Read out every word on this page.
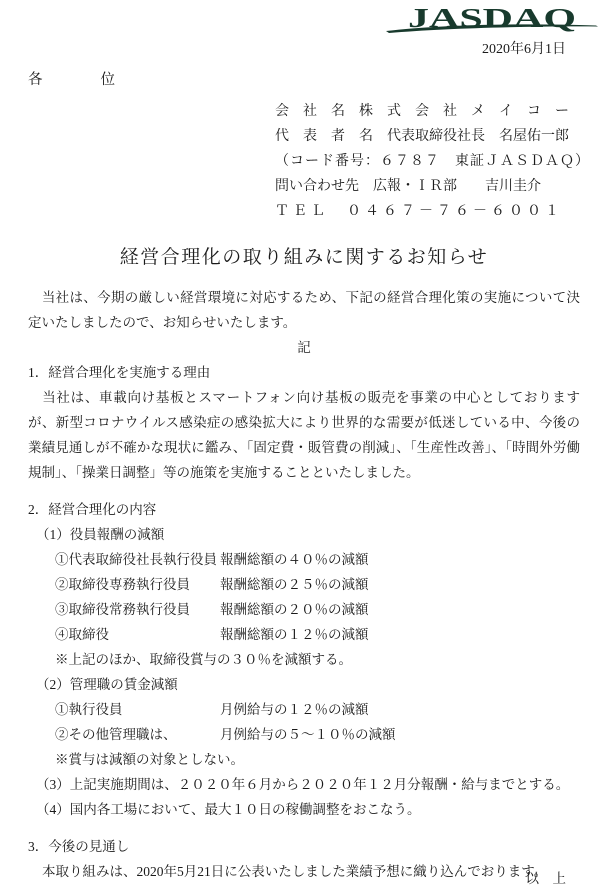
JASDAQ
2020年6月1日
各　　　　位
会　社　名　株　式　会　社　メ　イ　コ　ー
代　表　者　名　代表取締役社長　名屋佑一郎
（コード番号：６７８７　東証ＪＡＳＤＡＱ）
問い合わせ先　広報・ＩＲ部　　吉川圭介
ＴＥＬ　０４６７－７６－６００１
経営合理化の取り組みに関するお知らせ
　当社は、今期の厳しい経営環境に対応するため、下記の経営合理化策の実施について決定いたしましたので、お知らせいたします。
記
1．経営合理化を実施する理由
　当社は、車載向け基板とスマートフォン向け基板の販売を事業の中心としておりますが、新型コロナウイルス感染症の感染拡大により世界的な需要が低迷している中、今後の業績見通しが不確かな現状に鑑み、「固定費・販管費の削減」、「生産性改善」、「時間外労働規制」、「操業日調整」等の施策を実施することといたしました。
2．経営合理化の内容
（1）役員報酬の減額
①代表取締役社長執行役員 報酬総額の４０％の減額
②取締役専務執行役員	報酬総額の２５％の減額
③取締役常務執行役員	報酬総額の２０％の減額
④取締役	報酬総額の１２％の減額
※上記のほか、取締役賞与の３０％を減額する。
（2）管理職の賃金減額
①執行役員	月例給与の１２％の減額
②その他管理職は、	月例給与の５～１０％の減額
※賞与は減額の対象としない。
（3）上記実施期間は、２０２０年６月から２０２０年１２月分報酬・給与までとする。
（4）国内各工場において、最大１０日の稼働調整をおこなう。
3．今後の見通し
本取り組みは、2020年5月21日に公表いたしました業績予想に織り込んでおります。
以　上
